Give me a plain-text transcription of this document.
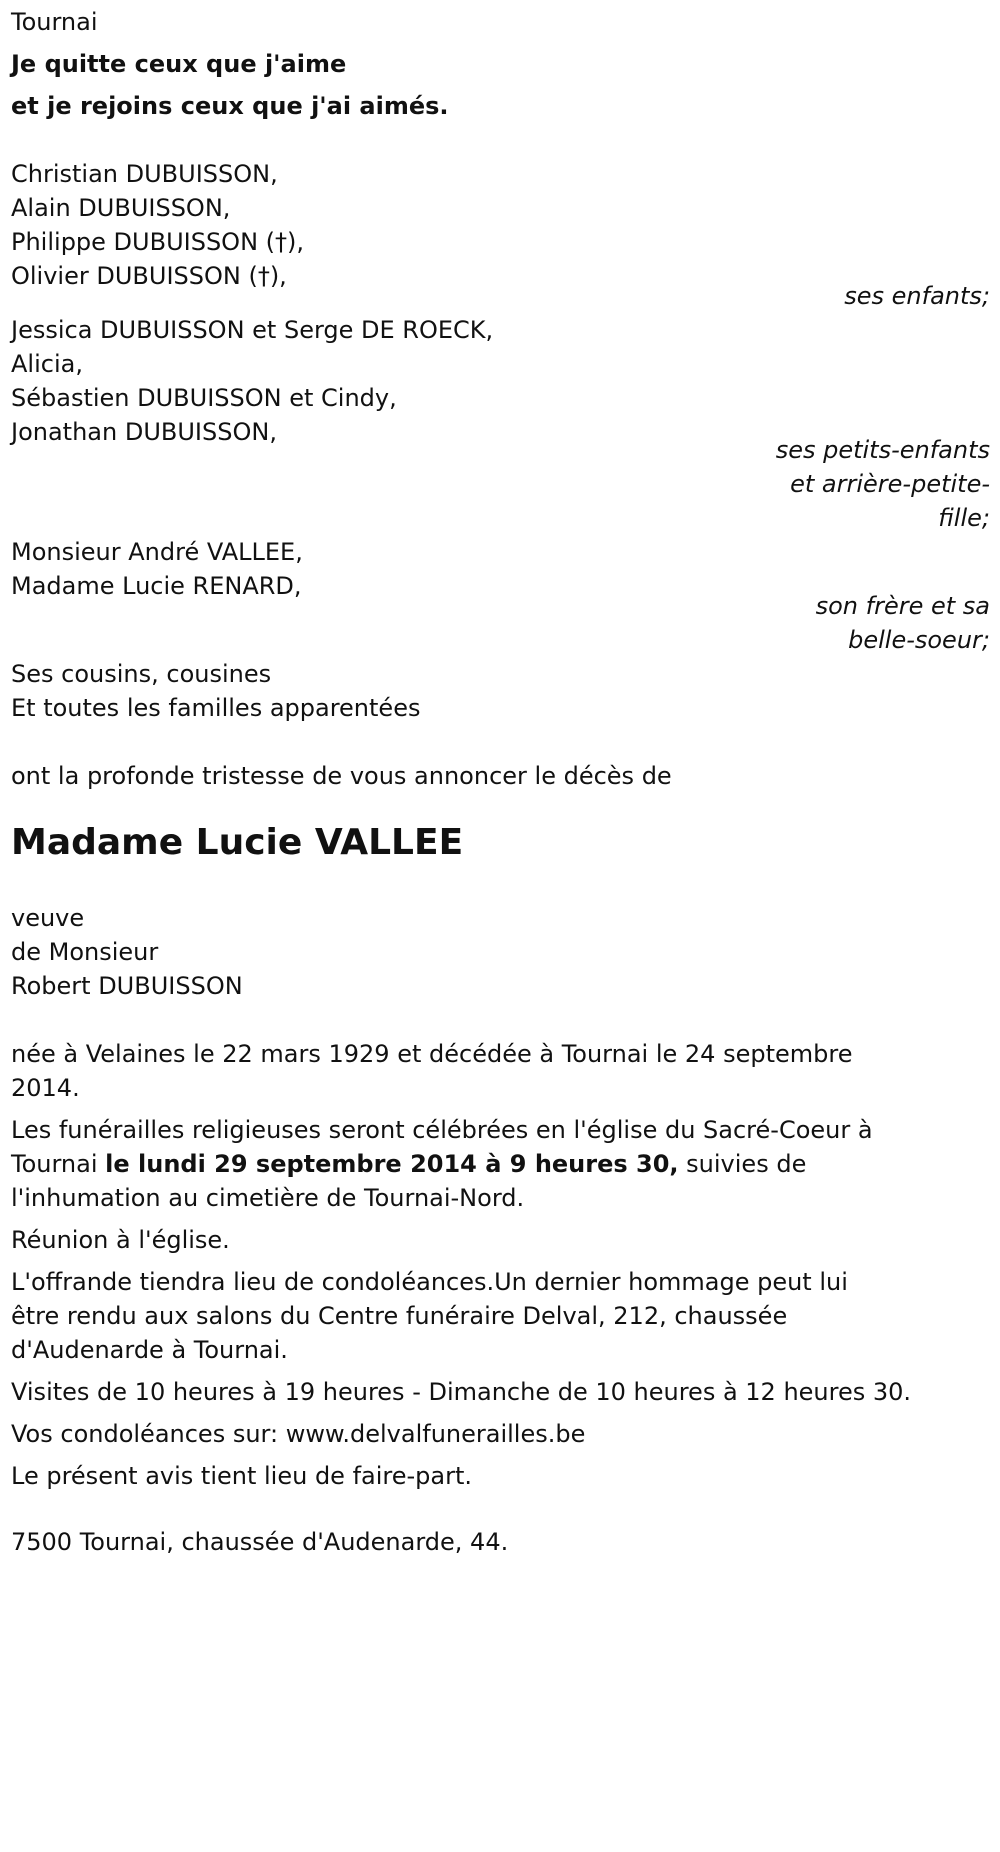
Tournai
Je quitte ceux que j'aime
et je rejoins ceux que j'ai aimés.
Christian DUBUISSON,
Alain DUBUISSON,
Philippe DUBUISSON (†),
Olivier DUBUISSON (†),
ses enfants;
Jessica DUBUISSON et Serge DE ROECK,
Alicia,
Sébastien DUBUISSON et Cindy,
Jonathan DUBUISSON,
ses petits-enfants
et arrière-petite-
fille;
Monsieur André VALLEE,
Madame Lucie RENARD,
son frère et sa
belle-soeur;
Ses cousins, cousines
Et toutes les familles apparentées
ont la profonde tristesse de vous annoncer le décès de
Madame Lucie VALLEE
veuve
de Monsieur
Robert DUBUISSON
née à Velaines le 22 mars 1929 et décédée à Tournai le 24 septembre
2014.
Les funérailles religieuses seront célébrées en l'église du Sacré-Coeur à
Tournai le lundi 29 septembre 2014 à 9 heures 30, suivies de
l'inhumation au cimetière de Tournai-Nord.
Réunion à l'église.
L'offrande tiendra lieu de condoléances.Un dernier hommage peut lui
être rendu aux salons du Centre funéraire Delval, 212, chaussée
d'Audenarde à Tournai.
Visites de 10 heures à 19 heures - Dimanche de 10 heures à 12 heures 30.
Vos condoléances sur: www.delvalfunerailles.be
Le présent avis tient lieu de faire-part.
7500 Tournai, chaussée d'Audenarde, 44.
